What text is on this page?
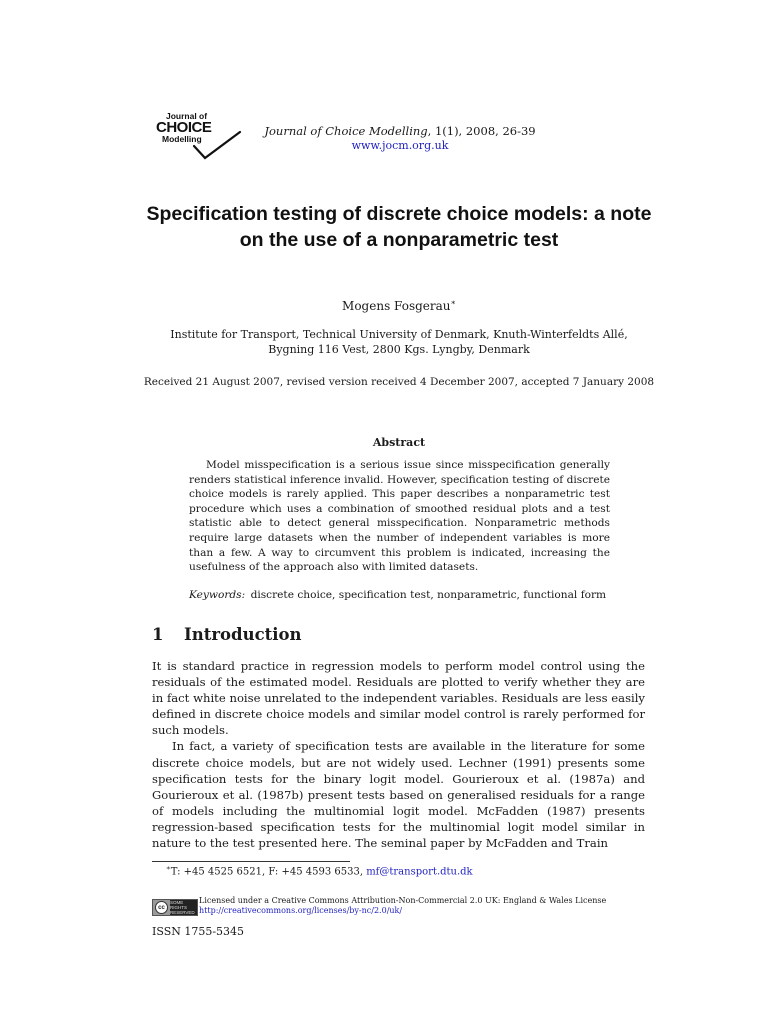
Journal of
CHOICE
Modelling
Journal of Choice Modelling, 1(1), 2008, 26-39
www.jocm.org.uk
Specification testing of discrete choice models: a note on the use of a nonparametric test
Mogens Fosgerau∗
Institute for Transport, Technical University of Denmark, Knuth-Winterfeldts Allé, Bygning 116 Vest, 2800 Kgs. Lyngby, Denmark
Received 21 August 2007, revised version received 4 December 2007, accepted 7 January 2008
Abstract
Model misspecification is a serious issue since misspecification generally renders statistical inference invalid. However, specification testing of discrete choice models is rarely applied. This paper describes a nonparametric test procedure which uses a combination of smoothed residual plots and a test statistic able to detect general misspecification. Nonparametric methods require large datasets when the number of independent variables is more than a few. A way to circumvent this problem is indicated, increasing the usefulness of the approach also with limited datasets.
Keywords: discrete choice, specification test, nonparametric, functional form
1 Introduction

It is standard practice in regression models to perform model control using the residuals of the estimated model. Residuals are plotted to verify whether they are in fact white noise unrelated to the independent variables. Residuals are less easily defined in discrete choice models and similar model control is rarely performed for such models.

In fact, a variety of specification tests are available in the literature for some discrete choice models, but are not widely used. Lechner (1991) presents some specification tests for the binary logit model. Gourieroux et al. (1987a) and Gourieroux et al. (1987b) present tests based on generalised residuals for a range of models including the multinomial logit model. McFadden (1987) presents regression-based specification tests for the multinomial logit model similar in nature to the test presented here. The seminal paper by McFadden and Train

∗T: +45 4525 6521, F: +45 4593 6533, mf@transport.dtu.dk
cc
SOME RIGHTS RESERVED
Licensed under a Creative Commons Attribution-Non-Commercial 2.0 UK: England & Wales License
http://creativecommons.org/licenses/by-nc/2.0/uk/
ISSN 1755-5345
